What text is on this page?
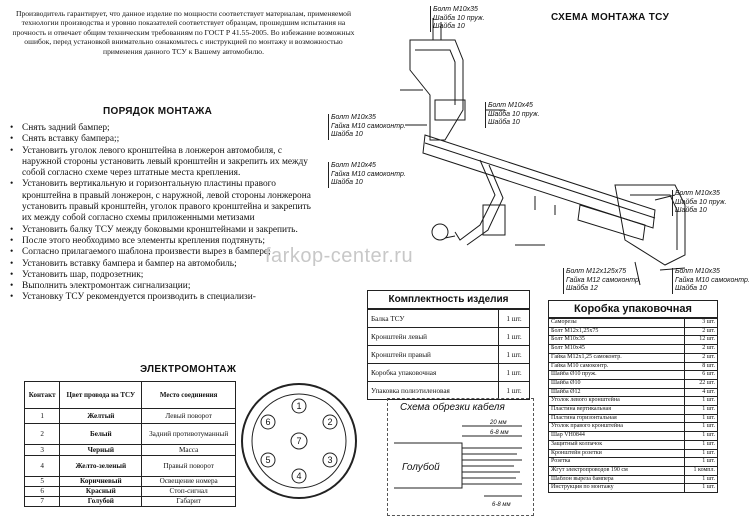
Производитель гарантирует, что данное изделие по мощности соответствует материалам, применяемой технологии производства и уровню показателей соответствует образцам, прошедшим испытания на прочность и отвечает общим техническим требованиям по ГОСТ Р 41.55-2005. Во избежание возможных ошибок, перед установкой внимательно ознакомьтесь с инструкцией по монтажу и возможностью применения данного ТСУ к Вашему автомобилю.
ПОРЯДОК МОНТАЖА
• Снять задний бампер;
• Снять вставку бампера;;
• Установить уголок левого кронштейна в лонжерон автомобиля, с наружной стороны установить левый кронштейн и закрепить их между собой согласно схеме через штатные места крепления.
• Установить вертикальную и горизонтальную пластины правого кронштейна в правый лонжерон, с наружной, левой стороны лонжерона установить правый кронштейн, уголок правого кронштейна и закрепить их между собой согласно схемы приложенными метизами
• Установить балку ТСУ между боковыми кронштейнами и закрепить.
• После этого необходимо все элементы крепления подтянуть;
• Согласно прилагаемого шаблона произвести вырез в бампере;
• Установить вставку бампера и бампер на автомобиль;
• Установить шар, подрозетник;
• Выполнить электромонтаж сигнализации;
• Установку ТСУ рекомендуется производить в специализи-
СХЕМА МОНТАЖА ТСУ
Болт М10х35
Шайба 10 пруж.
Шайба 10
Болт М10х45
Шайба 10 пруж.
Шайба 10
Болт М10х35
Гайка М10 самоконтр.
Шайба 10
Болт М10х45
Гайка М10 самоконтр.
Шайба 10
Болт М10х35
Шайба 10 пруж.
Шайба 10
Болт М12х125х75
Гайка М12 самоконтр.
Шайба 12
Болт М10х35
Гайка М10 самоконтр.
Шайба 10
farkop-center.ru
ЭЛЕКТРОМОНТАЖ
Контакт	Цвет провода на ТСУ	Место соединения
1	Желтый	Левый поворот
2	Белый	Задний противотуманный
3	Черный	Масса
4	Желто-зеленый	Правый поворот
5	Коричневый	Освещение номера
6	Красный	Стоп-сигнал
7	Голубой	Габарит
1
2
3
4
5
6
7
Комплектность изделия
Балка ТСУ	1 шт.
Кронштейн левый	1 шт.
Кронштейн правый	1 шт.
Коробка упаковочная	1 шт.
Упаковка полиэтиленовая	1 шт.
Схема обрезки кабеля
20 мм
6-8 мм
6-8 мм
Голубой
Коробка упаковочная
Саморезы	3 шт.
Болт М12х1,25х75	2 шт.
Болт М10х35	12 шт.
Болт М10х45	2 шт.
Гайка М12х1,25 самоконтр.	2 шт.
Гайка М10 самоконтр.	8 шт.
Шайба Ø10 пруж.	6 шт.
Шайба Ø10	22 шт.
Шайба Ø12	4 шт.
Уголок левого кронштейна	1 шт.
Пластина вертикальная	1 шт.
Пластина горизонтальная	1 шт.
Уголок правого кронштейна	1 шт.
Шар VH0844	1 шт.
Защитный колпачок	1 шт.
Кронштейн розетки	1 шт.
Розетка	1 шт.
Жгут электропроводов 190 см	1 компл.
Шаблон выреза бампера	1 шт.
Инструкция по монтажу	1 шт.
